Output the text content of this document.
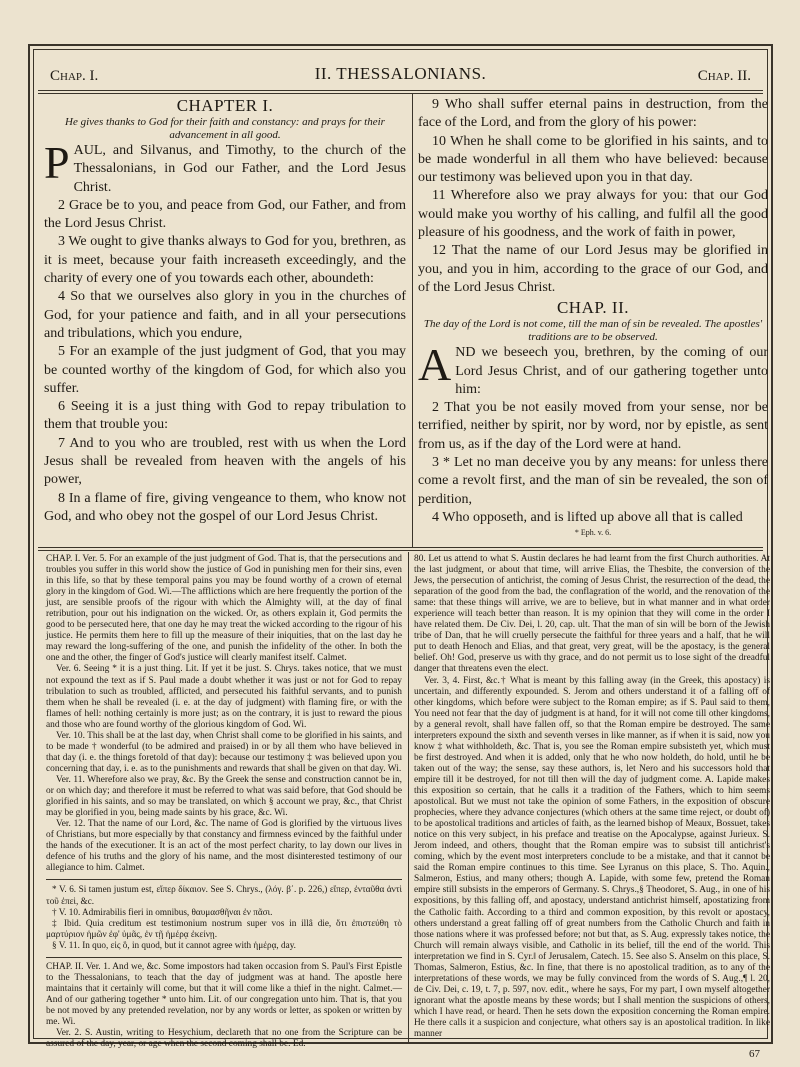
Chap. I.	II. THESSALONIANS.	Chap. II.

CHAPTER I.

He gives thanks to God for their faith and constancy: and prays for their advancement in all good.

PAUL, and Silvanus, and Timothy, to the church of the Thessalonians, in God our Father, and the Lord Jesus Christ.

2 Grace be to you, and peace from God, our Father, and from the Lord Jesus Christ.

3 We ought to give thanks always to God for you, brethren, as it is meet, because your faith increaseth exceedingly, and the charity of every one of you towards each other, aboundeth:

4 So that we ourselves also glory in you in the churches of God, for your patience and faith, and in all your persecutions and tribulations, which you endure,

5 For an example of the just judgment of God, that you may be counted worthy of the kingdom of God, for which also you suffer.

6 Seeing it is a just thing with God to repay tribulation to them that trouble you:

7 And to you who are troubled, rest with us when the Lord Jesus shall be revealed from heaven with the angels of his power,

8 In a flame of fire, giving vengeance to them, who know not God, and who obey not the gospel of our Lord Jesus Christ.

9 Who shall suffer eternal pains in destruction, from the face of the Lord, and from the glory of his power:

10 When he shall come to be glorified in his saints, and to be made wonderful in all them who have believed: because our testimony was believed upon you in that day.

11 Wherefore also we pray always for you: that our God would make you worthy of his calling, and fulfil all the good pleasure of his goodness, and the work of faith in power,

12 That the name of our Lord Jesus may be glorified in you, and you in him, according to the grace of our God, and of the Lord Jesus Christ.

CHAP. II.

The day of the Lord is not come, till the man of sin be revealed. The apostles' traditions are to be observed.

AND we beseech you, brethren, by the coming of our Lord Jesus Christ, and of our gathering together unto him:

2 That you be not easily moved from your sense, nor be terrified, neither by spirit, nor by word, nor by epistle, as sent from us, as if the day of the Lord were at hand.

3 * Let no man deceive you by any means: for unless there come a revolt first, and the man of sin be revealed, the son of perdition,

4 Who opposeth, and is lifted up above all that is called

* Eph. v. 6.

CHAP. I. Ver. 5. For an example of the just judgment of God. That is, that the persecutions and troubles you suffer in this world show the justice of God in punishing men for their sins, even in this life, so that by these temporal pains you may be found worthy of a crown of eternal glory in the kingdom of God. Wi.—The afflictions which are here frequently the portion of the just, are sensible proofs of the rigour with which the Almighty will, at the day of final retribution, pour out his indignation on the wicked. Or, as others explain it, God permits the good to be persecuted here, that one day he may treat the wicked according to the rigour of his justice. He permits them here to fill up the measure of their iniquities, that on the last day he may reward the long-suffering of the one, and punish the infidelity of the other. In both the one and the other, the finger of God's justice will clearly manifest itself. Calmet.

Ver. 6. Seeing * it is a just thing. Lit. If yet it be just. S. Chrys. takes notice, that we must not expound the text as if S. Paul made a doubt whether it was just or not for God to repay tribulation to such as troubled, afflicted, and persecuted his faithful servants, and to punish them when he shall be revealed (i. e. at the day of judgment) with flaming fire, or with the flames of hell: nothing certainly is more just; as on the contrary, it is just to reward the pious and those who are found worthy of the glorious kingdom of God. Wi.

Ver. 10. This shall be at the last day, when Christ shall come to be glorified in his saints, and to be made † wonderful (to be admired and praised) in or by all them who have believed in that day (i. e. the things foretold of that day): because our testimony ‡ was believed upon you concerning that day, i. e. as to the punishments and rewards that shall be given on that day. Wi.

Ver. 11. Wherefore also we pray, &c. By the Greek the sense and construction cannot be in, or on which day; and therefore it must be referred to what was said before, that God should be glorified in his saints, and so may be translated, on which § account we pray, &c., that Christ may be glorified in you, being made saints by his grace, &c. Wi.

Ver. 12. That the name of our Lord, &c. The name of God is glorified by the virtuous lives of Christians, but more especially by that constancy and firmness evinced by the faithful under the hands of the executioner. It is an act of the most perfect charity, to lay down our lives in defence of his truths and the glory of his name, and the most disinterested testimony of our allegiance to him. Calmet.

* V. 6. Si tamen justum est, εἴπερ δίκαιον. See S. Chrys., (λόγ. β΄. p. 226,) εἴπερ, ἐνταῦθα ἀντὶ τοῦ ἐπεὶ, &c.

† V. 10. Admirabilis fieri in omnibus, θαυμασθῆναι ἐν πᾶσι.

‡ Ibid. Quia creditum est testimonium nostrum super vos in illâ die, ὅτι ἐπιστεύθη τὸ μαρτύριον ἡμῶν ἐφ' ὑμᾶς, ἐν τῇ ἡμέρᾳ ἐκείνῃ.

§ V. 11. In quo, εἰς ὃ, in quod, but it cannot agree with ἡμέρᾳ, day.

CHAP. II. Ver. 1. And we, &c. Some impostors had taken occasion from S. Paul's First Epistle to the Thessalonians, to teach that the day of judgment was at hand. The apostle here maintains that it certainly will come, but that it will come like a thief in the night. Calmet.—And of our gathering together * unto him. Lit. of our congregation unto him. That is, that you be not moved by any pretended revelation, nor by any words or letter, as spoken or written by me. Wi.

Ver. 2. S. Austin, writing to Hesychium, declareth that no one from the Scripture can be assured of the day, year, or age when the second coming shall be. Ed.

80. Let us attend to what S. Austin declares he had learnt from the first Church authorities. At the last judgment, or about that time, will arrive Elias, the Thesbite, the conversion of the Jews, the persecution of antichrist, the coming of Jesus Christ, the resurrection of the dead, the separation of the good from the bad, the conflagration of the world, and the renovation of the same: that these things will arrive, we are to believe, but in what manner and in what order experience will teach better than reason. It is my opinion that they will come in the order I have related them. De Civ. Dei, l. 20, cap. ult. That the man of sin will be born of the Jewish tribe of Dan, that he will cruelly persecute the faithful for three years and a half, that he will put to death Henoch and Elias, and that great, very great, will be the apostacy, is the general belief. Oh! God, preserve us with thy grace, and do not permit us to lose sight of the dreadful danger that threatens even the elect.

Ver. 3, 4. First, &c.† What is meant by this falling away (in the Greek, this apostacy) is uncertain, and differently expounded. S. Jerom and others understand it of a falling off of other kingdoms, which before were subject to the Roman empire; as if S. Paul said to them, You need not fear that the day of judgment is at hand, for it will not come till other kingdoms, by a general revolt, shall have fallen off, so that the Roman empire be destroyed. The same interpreters expound the sixth and seventh verses in like manner, as if when it is said, now you know ‡ what withholdeth, &c. That is, you see the Roman empire subsisteth yet, which must be first destroyed. And when it is added, only that he who now holdeth, do hold, until he be taken out of the way; the sense, say these authors, is, let Nero and his successors hold that empire till it be destroyed, for not till then will the day of judgment come. A. Lapide makes this exposition so certain, that he calls it a tradition of the Fathers, which to him seems apostolical. But we must not take the opinion of some Fathers, in the exposition of obscure prophecies, where they advance conjectures (which others at the same time reject, or doubt of) to be apostolical traditions and articles of faith, as the learned bishop of Meaux, Bossuet, takes notice on this very subject, in his preface and treatise on the Apocalypse, against Jurieux. S. Jerom indeed, and others, thought that the Roman empire was to subsist till antichrist's coming, which by the event most interpreters conclude to be a mistake, and that it cannot be said the Roman empire continues to this time. See Lyranus on this place, S. Tho. Aquin., Salmeron, Estius, and many others; though A. Lapide, with some few, pretend the Roman empire still subsists in the emperors of Germany. S. Chrys.,§ Theodoret, S. Aug., in one of his expositions, by this falling off, and apostacy, understand antichrist himself, apostatizing from the Catholic faith. According to a third and common exposition, by this revolt or apostacy, others understand a great falling off of great numbers from the Catholic Church and faith in those nations where it was professed before; not but that, as S. Aug. expressly takes notice, the Church will remain always visible, and Catholic in its belief, till the end of the world. This interpretation we find in S. Cyr.‖ of Jerusalem, Catech. 15. See also S. Anselm on this place, S. Thomas, Salmeron, Estius, &c. In fine, that there is no apostolical tradition, as to any of the interpretations of these words, we may be fully convinced from the words of S. Aug.,¶ l. 20, de Civ. Dei, c. 19, t. 7, p. 597, nov. edit., where he says, For my part, I own myself altogether ignorant what the apostle means by these words; but I shall mention the suspicions of others, which I have read, or heard. Then he sets down the exposition concerning the Roman empire. He there calls it a suspicion and conjecture, what others say is an apostolical tradition. In like manner

67
